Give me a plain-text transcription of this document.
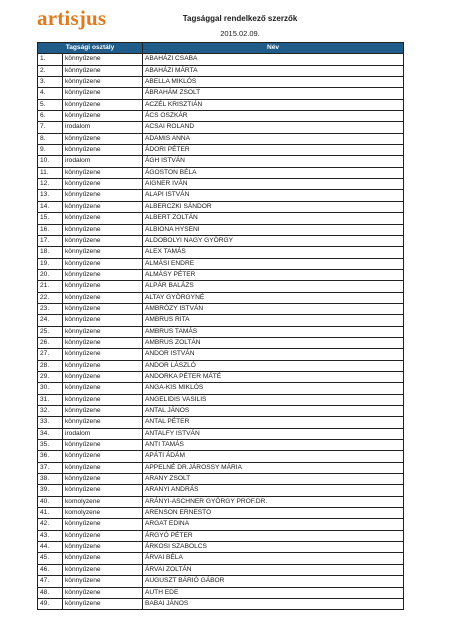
artisjus	Tagsággal rendelkező szerzők
2015.02.09.
Tagsági osztály		Név
1.	könnyűzene	ABAHÁZI CSABA
2.	könnyűzene	ABAHÁZI MÁRTA
3.	könnyűzene	ABELLA MIKLÓS
4.	könnyűzene	ÁBRAHÁM ZSOLT
5.	könnyűzene	ACZÉL KRISZTIÁN
6.	könnyűzene	ÁCS OSZKÁR
7.	irodalom	ACSAI ROLAND
8.	könnyűzene	ADAMIS ANNA
9.	könnyűzene	ÁDORI PÉTER
10.	irodalom	ÁGH ISTVÁN
11.	könnyűzene	ÁGOSTON BÉLA
12.	könnyűzene	AIGNER IVÁN
13.	könnyűzene	ALAPI ISTVÁN
14.	könnyűzene	ALBERCZKI SÁNDOR
15.	könnyűzene	ALBERT ZOLTÁN
16.	könnyűzene	ALBIONA HYSENI
17.	könnyűzene	ALDOBOLYI NAGY GYÖRGY
18.	könnyűzene	ALEX TAMÁS
19.	könnyűzene	ALMÁSI ENDRE
20.	könnyűzene	ALMÁSY PÉTER
21.	könnyűzene	ALPÁR BALÁZS
22.	könnyűzene	ALTAY GYÖRGYNÉ
23.	könnyűzene	AMBRÓZY ISTVÁN
24.	könnyűzene	AMBRUS RITA
25.	könnyűzene	AMBRUS TAMÁS
26.	könnyűzene	AMBRUS ZOLTÁN
27.	könnyűzene	ANDOR ISTVÁN
28.	könnyűzene	ANDOR LÁSZLÓ
29.	könnyűzene	ANDORKA PÉTER MÁTÉ
30.	könnyűzene	ANGA-KIS MIKLÓS
31.	könnyűzene	ANGELIDIS VASILIS
32.	könnyűzene	ANTAL JÁNOS
33.	könnyűzene	ANTAL PÉTER
34.	irodalom	ANTALFY ISTVÁN
35.	könnyűzene	ANTI TAMÁS
36.	könnyűzene	APÁTI ÁDÁM
37.	könnyűzene	APPELNÉ DR.JÁROSSY MÁRIA
38.	könnyűzene	ARANY ZSOLT
39.	könnyűzene	ARANYI ANDRÁS
40.	komolyzene	ARÁNYI-ASCHNER GYÖRGY PROF.DR.
41.	komolyzene	ARENSON ERNESTO
42.	könnyűzene	ARGAT EDINA
43.	könnyűzene	ÁRGYÓ PÉTER
44.	könnyűzene	ÁRKOSI SZABOLCS
45.	könnyűzene	ÁRVAI BÉLA
46.	könnyűzene	ÁRVAI ZOLTÁN
47.	könnyűzene	AUGUSZT BÁRIÓ GÁBOR
48.	könnyűzene	AUTH EDE
49.	könnyűzene	BABAI JÁNOS
